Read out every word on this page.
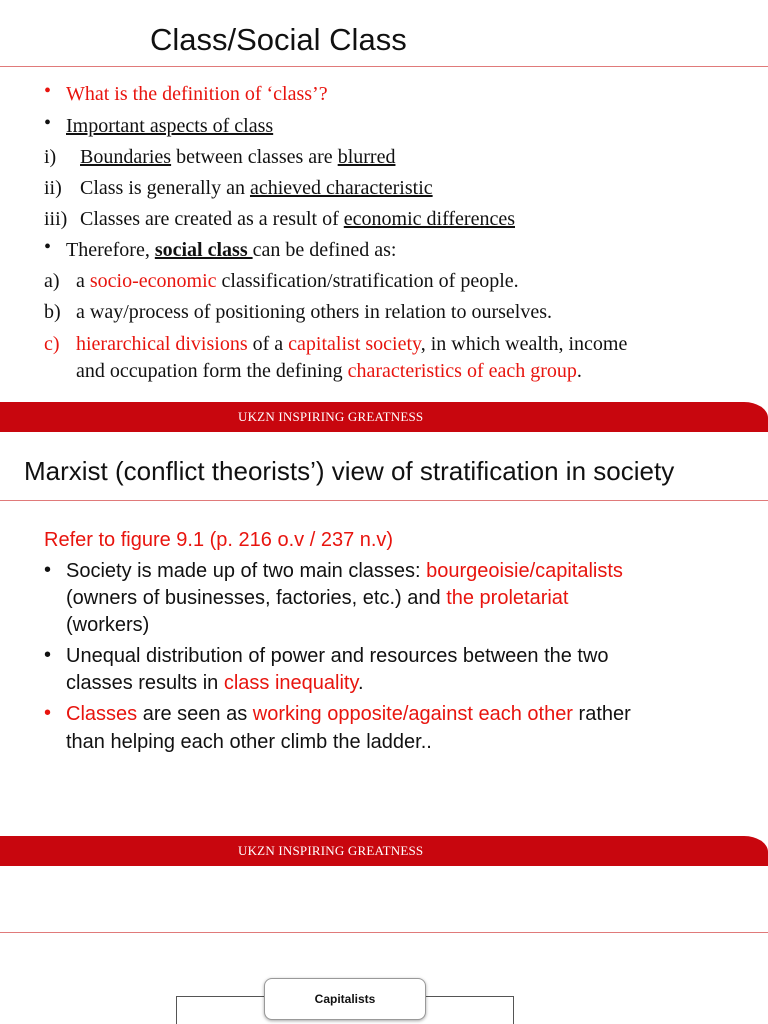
Class/Social Class
• What is the definition of ‘class’?
• Important aspects of class
i) Boundaries between classes are blurred
ii) Class is generally an achieved characteristic
iii) Classes are created as a result of economic differences
• Therefore, social class can be defined as:
a) a socio-economic classification/stratification of people.
b) a way/process of positioning others in relation to ourselves.
c) hierarchical divisions of a capitalist society, in which wealth, income
and occupation form the defining characteristics of each group.
UKZN INSPIRING GREATNESS
Marxist (conflict theorists’) view of stratification in society
Refer to figure 9.1 (p. 216 o.v / 237 n.v)
• Society is made up of two main classes: bourgeoisie/capitalists
(owners of businesses, factories, etc.) and the proletariat
(workers)
• Unequal distribution of power and resources between the two
classes results in class inequality.
• Classes are seen as working opposite/against each other rather
than helping each other climb the ladder..
UKZN INSPIRING GREATNESS
Capitalists
